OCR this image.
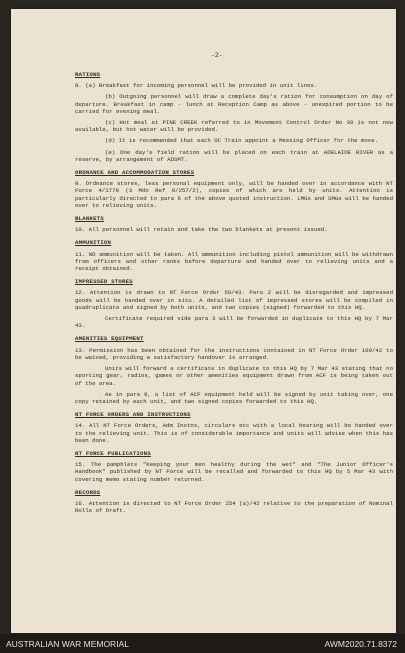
-2-
RATIONS

8. (a) Breakfast for incoming personnel will be provided in unit lines.

(b) Outgoing personnel will draw a complete day's ration for consumption on day of departure. Breakfast in camp - lunch at Reception Camp as above - unexpired portion to be carried for evening meal.

(c) Hot meal at PINE CREEK referred to in Movement Control Order No 39 is not now available, but hot water will be provided.

(d) It is recommended that each OC Train appoint a Messing Officer for the move.

(e) One day's field ration will be placed on each train at ADELAIDE RIVER as a reserve, by arrangement of ADSMT.

ORDNANCE AND ACCOMMODATION STORES

9. Ordnance stores, less personal equipment only, will be handed over in accordance with NT Force 4/1779 (3 Mdo Ref 0/257/2), copies of which are held by units. Attention is particularly directed to para 6 of the above quoted instruction. LMGs and SMGs will be handed over to relieving units.

BLANKETS

10. All personnel will retain and take the two blankets at present issued.

AMMUNITION

11. NO ammunition will be taken. All ammunition including pistol ammunition will be withdrawn from officers and other ranks before departure and handed over to relieving units and a receipt obtained.

IMPRESSED STORES

12. Attention is drawn to NT Force Order 50/43. Para 2 will be disregarded and impressed goods will be handed over in situ. A detailed list of impressed stores will be compiled in quadruplicate and signed by both units, and two copies (signed) forwarded to this HQ.

Certificate required vide para 3 will be forwarded in duplicate to this HQ by 7 Mar 43.

AMENITIES EQUIPMENT

13. Permission has been obtained for the instructions contained in NT Force Order 109/42 to be waived, providing a satisfactory handover is arranged.

Units will forward a certificate in duplicate to this HQ by 7 Mar 43 stating that no sporting gear, radios, games or other amenities equipment drawn from ACF is being taken out of the area.

As in para 9, a list of ACF equipment held will be signed by unit taking over, one copy retained by each unit, and two signed copies forwarded to this HQ.

NT FORCE ORDERS AND INSTRUCTIONS

14. All NT Force Orders, Adm Instns, circulars etc with a local bearing will be handed over to the relieving unit. This is of considerable importance and units will advise when this has been done.

NT FORCE PUBLICATIONS

15. The pamphlets "Keeping your men healthy during the wet" and "The Junior Officer's Handbook" published by NT Force will be recalled and forwarded to this HQ by 5 Mar 43 with covering memo stating number returned.

RECORDS

16. Attention is directed to NT Force Order 254 (a)/42 relative to the preparation of Nominal Rolls of Draft.

AUSTRALIAN WAR MEMORIAL	AWM2020.71.8372
